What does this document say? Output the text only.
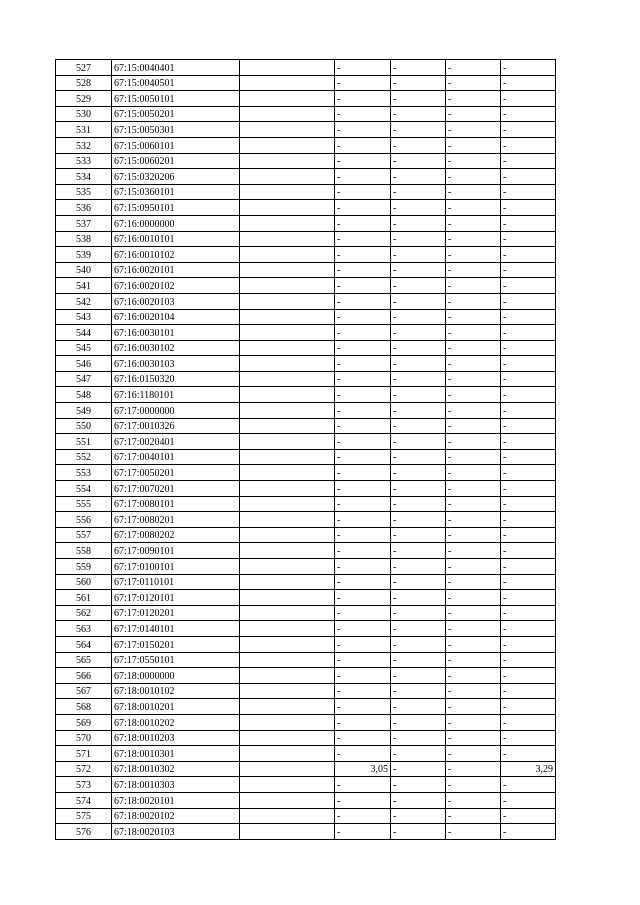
527	67:15:0040401		-	-	-	-
528	67:15:0040501		-	-	-	-
529	67:15:0050101		-	-	-	-
530	67:15:0050201		-	-	-	-
531	67:15:0050301		-	-	-	-
532	67:15:0060101		-	-	-	-
533	67:15:0060201		-	-	-	-
534	67:15:0320206		-	-	-	-
535	67:15:0360101		-	-	-	-
536	67:15:0950101		-	-	-	-
537	67:16:0000000		-	-	-	-
538	67:16:0010101		-	-	-	-
539	67:16:0010102		-	-	-	-
540	67:16:0020101		-	-	-	-
541	67:16:0020102		-	-	-	-
542	67:16:0020103		-	-	-	-
543	67:16:0020104		-	-	-	-
544	67:16:0030101		-	-	-	-
545	67:16:0030102		-	-	-	-
546	67:16:0030103		-	-	-	-
547	67:16:0150320		-	-	-	-
548	67:16:1180101		-	-	-	-
549	67:17:0000000		-	-	-	-
550	67:17:0010326		-	-	-	-
551	67:17:0020401		-	-	-	-
552	67:17:0040101		-	-	-	-
553	67:17:0050201		-	-	-	-
554	67:17:0070201		-	-	-	-
555	67:17:0080101		-	-	-	-
556	67:17:0080201		-	-	-	-
557	67:17:0080202		-	-	-	-
558	67:17:0090101		-	-	-	-
559	67:17:0100101		-	-	-	-
560	67:17:0110101		-	-	-	-
561	67:17:0120101		-	-	-	-
562	67:17:0120201		-	-	-	-
563	67:17:0140101		-	-	-	-
564	67:17:0150201		-	-	-	-
565	67:17:0550101		-	-	-	-
566	67:18:0000000		-	-	-	-
567	67:18:0010102		-	-	-	-
568	67:18:0010201		-	-	-	-
569	67:18:0010202		-	-	-	-
570	67:18:0010203		-	-	-	-
571	67:18:0010301		-	-	-	-
572	67:18:0010302		3,05	-	-	3,29
573	67:18:0010303		-	-	-	-
574	67:18:0020101		-	-	-	-
575	67:18:0020102		-	-	-	-
576	67:18:0020103		-	-	-	-
